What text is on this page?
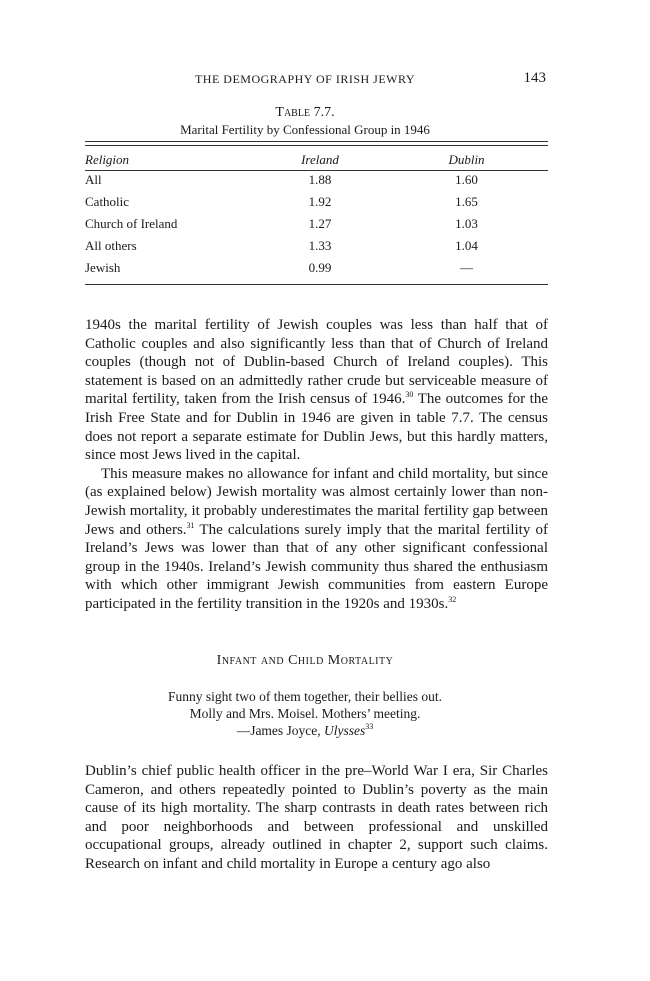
THE DEMOGRAPHY OF IRISH JEWRY	143
Table 7.7.
Marital Fertility by Confessional Group in 1946
Religion	Ireland	Dublin
All	1.88	1.60
Catholic	1.92	1.65
Church of Ireland	1.27	1.03
All others	1.33	1.04
Jewish	0.99	—

1940s the marital fertility of Jewish couples was less than half that of Catholic couples and also significantly less than that of Church of Ireland couples (though not of Dublin-based Church of Ireland couples). This statement is based on an admittedly rather crude but serviceable measure of marital fertility, taken from the Irish census of 1946.30 The outcomes for the Irish Free State and for Dublin in 1946 are given in table 7.7. The census does not report a separate estimate for Dublin Jews, but this hardly matters, since most Jews lived in the capital.

This measure makes no allowance for infant and child mortality, but since (as explained below) Jewish mortality was almost certainly lower than non-Jewish mortality, it probably underestimates the marital fertility gap between Jews and others.$^{31}$ The calculations surely imply that the marital fertility of Ireland’s Jews was lower than that of any other significant confessional group in the 1940s. Ireland’s Jewish community thus shared the enthusiasm with which other immigrant Jewish communities from eastern Europe participated in the fertility transition in the 1920s and 1930s.$^{32}$

Infant and Child Mortality
Funny sight two of them together, their bellies out.
Molly and Mrs. Moisel. Mothers’ meeting.
—James Joyce, Ulysses$^{33}$

Dublin’s chief public health officer in the pre–World War I era, Sir Charles Cameron, and others repeatedly pointed to Dublin’s poverty as the main cause of its high mortality. The sharp contrasts in death rates between rich and poor neighborhoods and between professional and unskilled occupational groups, already outlined in chapter 2, support such claims. Research on infant and child mortality in Europe a century ago also
